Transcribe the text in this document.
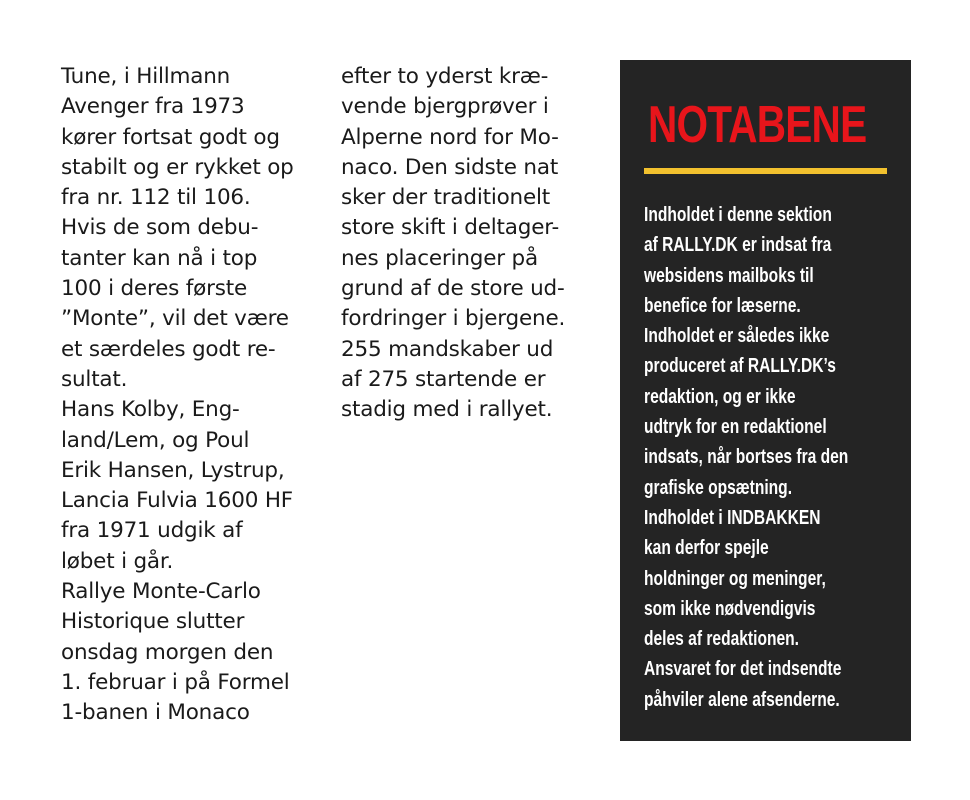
Tune, i Hillmann
Avenger fra 1973
kører fortsat godt og
stabilt og er rykket op
fra nr. 112 til 106.
Hvis de som debu-
tanter kan nå i top
100 i deres første
”Monte”, vil det være
et særdeles godt re-
sultat.
Hans Kolby, Eng-
land/Lem, og Poul
Erik Hansen, Lystrup,
Lancia Fulvia 1600 HF
fra 1971 udgik af
løbet i går.
Rallye Monte-Carlo
Historique slutter
onsdag morgen den
1. februar i på Formel
1-banen i Monaco
efter to yderst kræ-
vende bjergprøver i
Alperne nord for Mo-
naco. Den sidste nat
sker der traditionelt
store skift i deltager-
nes placeringer på
grund af de store ud-
fordringer i bjergene.
255 mandskaber ud
af 275 startende er
stadig med i rallyet.
NOTABENE
Indholdet i denne sektion
af RALLY.DK er indsat fra
websidens mailboks til
benefice for læserne.
Indholdet er således ikke
produceret af RALLY.DK’s
redaktion, og er ikke
udtryk for en redaktionel
indsats, når bortses fra den
grafiske opsætning.
Indholdet i INDBAKKEN
kan derfor spejle
holdninger og meninger,
som ikke nødvendigvis
deles af redaktionen.
Ansvaret for det indsendte
påhviler alene afsenderne.
